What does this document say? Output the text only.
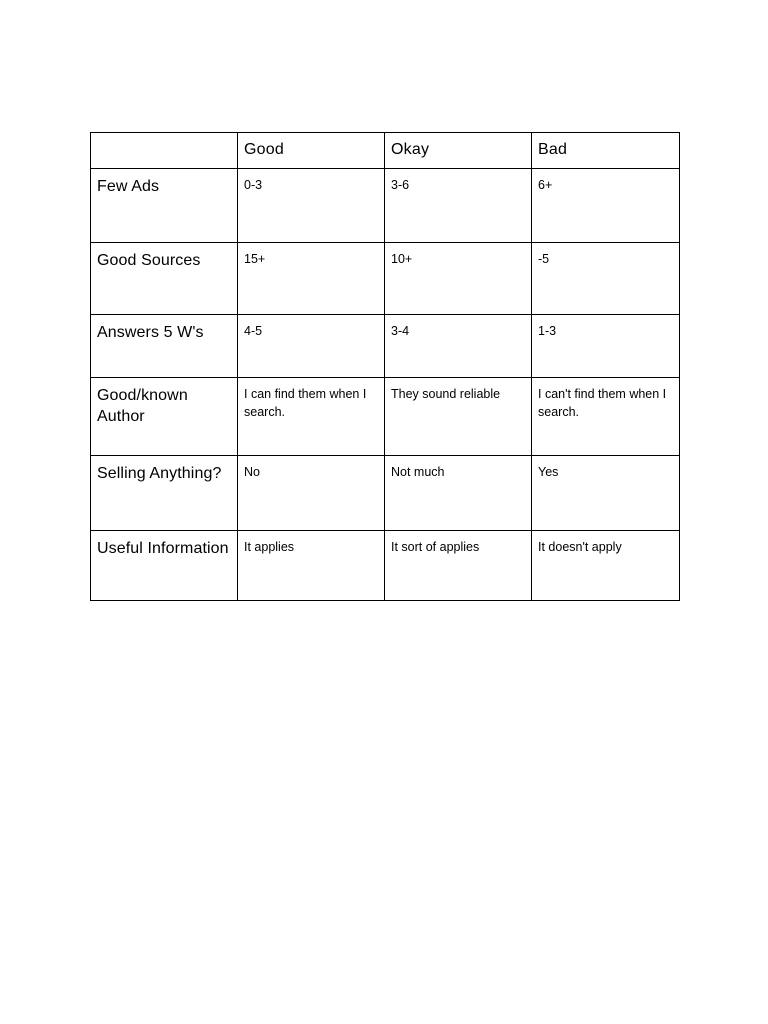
	Good	Okay	Bad
Few Ads	0-3	3-6	6+
Good Sources	15+	10+	-5
Answers 5 W's	4-5	3-4	1-3
Good/known Author	I can find them when I search.	They sound reliable	I can't find them when I search.
Selling Anything?	No	Not much	Yes
Useful Information	It applies	It sort of applies	It doesn't apply
